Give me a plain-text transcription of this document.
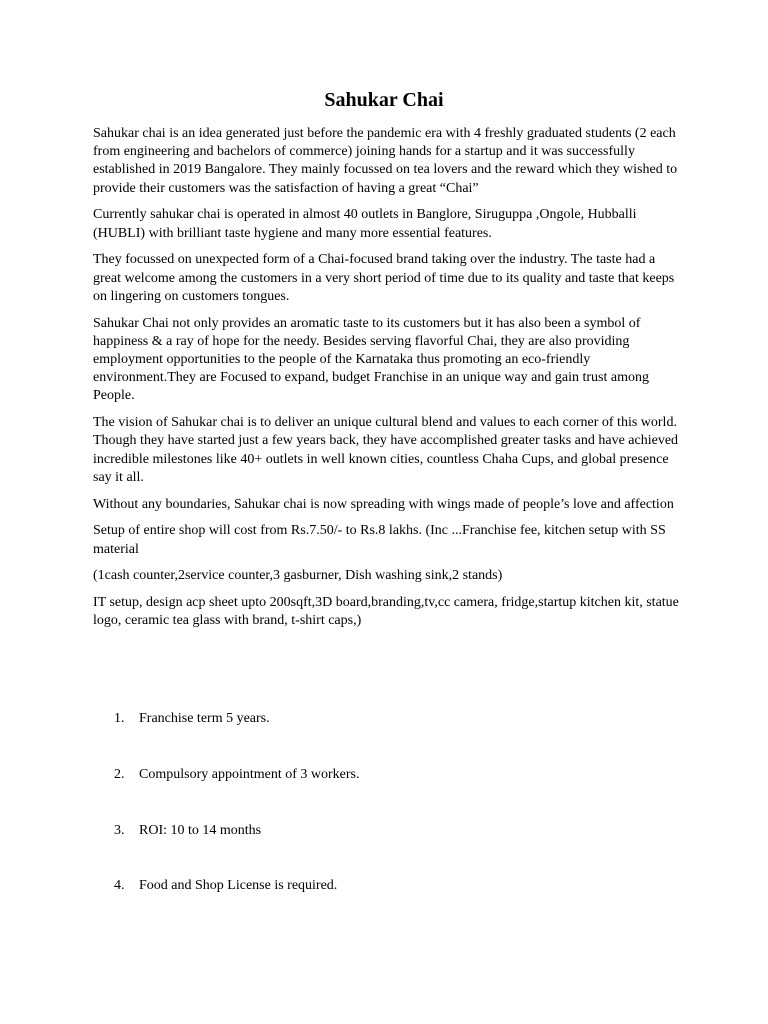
Sahukar Chai

Sahukar chai is an idea generated just before the pandemic era with 4 freshly graduated students (2 each from engineering and bachelors of commerce) joining hands for a startup and it was successfully established in 2019 Bangalore. They mainly focussed on tea lovers and the reward which they wished to provide their customers was the satisfaction of having a great “Chai”

Currently sahukar chai is operated in almost 40 outlets in Banglore, Siruguppa ,Ongole, Hubballi (HUBLI) with brilliant taste hygiene and many more essential features.

They focussed on unexpected form of a Chai-focused brand taking over the industry. The taste had a great welcome among the customers in a very short period of time due to its quality and taste that keeps on lingering on customers tongues.

Sahukar Chai not only provides an aromatic taste to its customers but it has also been a symbol of happiness & a ray of hope for the needy. Besides serving flavorful Chai, they are also providing employment opportunities to the people of the Karnataka thus promoting an eco-friendly environment.They are Focused to expand, budget Franchise in an unique way and gain trust among People.

The vision of Sahukar chai is to deliver an unique cultural blend and values to each corner of this world. Though they have started just a few years back, they have accomplished greater tasks and have achieved incredible milestones like 40+ outlets in well known cities, countless Chaha Cups, and global presence say it all.

Without any boundaries, Sahukar chai is now spreading with wings made of people’s love and affection

Setup of entire shop will cost from Rs.7.50/- to Rs.8 lakhs. (Inc ...Franchise fee, kitchen setup with SS material

(1cash counter,2service counter,3 gasburner, Dish washing sink,2 stands)

IT setup, design acp sheet upto 200sqft,3D board,branding,tv,cc camera, fridge,startup kitchen kit, statue logo, ceramic tea glass with brand, t-shirt caps,)

1. Franchise term 5 years.
2. Compulsory appointment of 3 workers.
3. ROI: 10 to 14 months
4. Food and Shop License is required.
